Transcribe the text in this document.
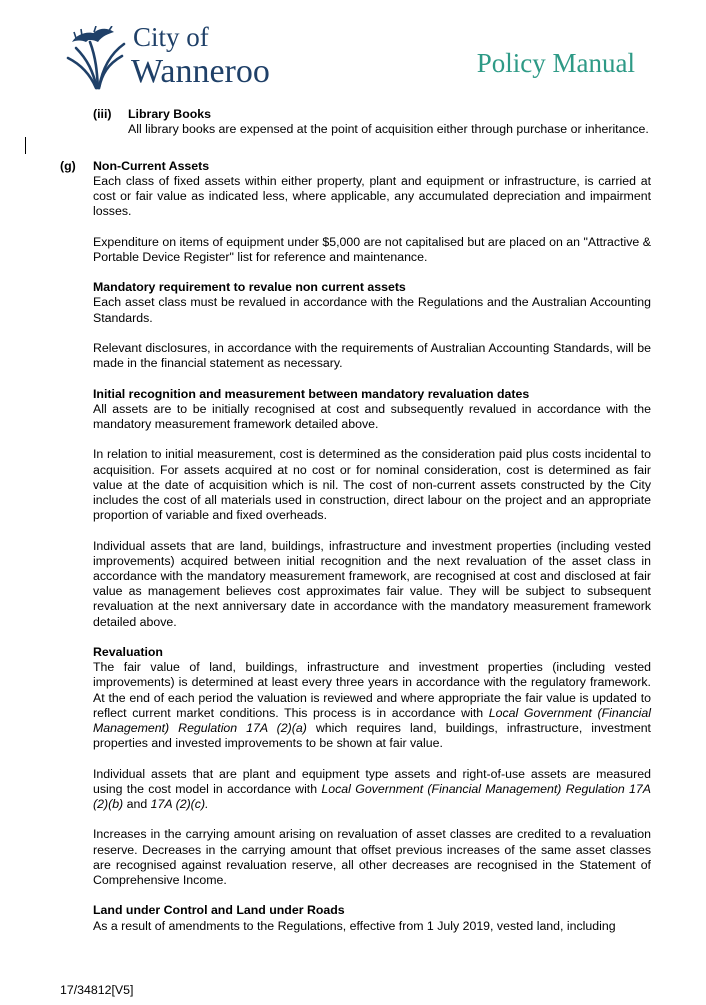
City of

Wanneroo	Policy Manual

(iii) Library Books

All library books are expensed at the point of acquisition either through purchase or inheritance.

(g) Non-Current Assets

Each class of fixed assets within either property, plant and equipment or infrastructure, is carried at cost or fair value as indicated less, where applicable, any accumulated depreciation and impairment losses.

Expenditure on items of equipment under $5,000 are not capitalised but are placed on an "Attractive & Portable Device Register" list for reference and maintenance.

Mandatory requirement to revalue non current assets

Each asset class must be revalued in accordance with the Regulations and the Australian Accounting Standards.

Relevant disclosures, in accordance with the requirements of Australian Accounting Standards, will be made in the financial statement as necessary.

Initial recognition and measurement between mandatory revaluation dates

All assets are to be initially recognised at cost and subsequently revalued in accordance with the mandatory measurement framework detailed above.

In relation to initial measurement, cost is determined as the consideration paid plus costs incidental to acquisition. For assets acquired at no cost or for nominal consideration, cost is determined as fair value at the date of acquisition which is nil. The cost of non-current assets constructed by the City includes the cost of all materials used in construction, direct labour on the project and an appropriate proportion of variable and fixed overheads.

Individual assets that are land, buildings, infrastructure and investment properties (including vested improvements) acquired between initial recognition and the next revaluation of the asset class in accordance with the mandatory measurement framework, are recognised at cost and disclosed at fair value as management believes cost approximates fair value. They will be subject to subsequent revaluation at the next anniversary date in accordance with the mandatory measurement framework detailed above.

Revaluation

The fair value of land, buildings, infrastructure and investment properties (including vested improvements) is determined at least every three years in accordance with the regulatory framework. At the end of each period the valuation is reviewed and where appropriate the fair value is updated to reflect current market conditions. This process is in accordance with Local Government (Financial Management) Regulation 17A (2)(a) which requires land, buildings, infrastructure, investment properties and invested improvements to be shown at fair value.

Individual assets that are plant and equipment type assets and right-of-use assets are measured using the cost model in accordance with Local Government (Financial Management) Regulation 17A (2)(b) and 17A (2)(c).

Increases in the carrying amount arising on revaluation of asset classes are credited to a revaluation reserve. Decreases in the carrying amount that offset previous increases of the same asset classes are recognised against revaluation reserve, all other decreases are recognised in the Statement of Comprehensive Income.

Land under Control and Land under Roads

As a result of amendments to the Regulations, effective from 1 July 2019, vested land, including

17/34812[V5]
